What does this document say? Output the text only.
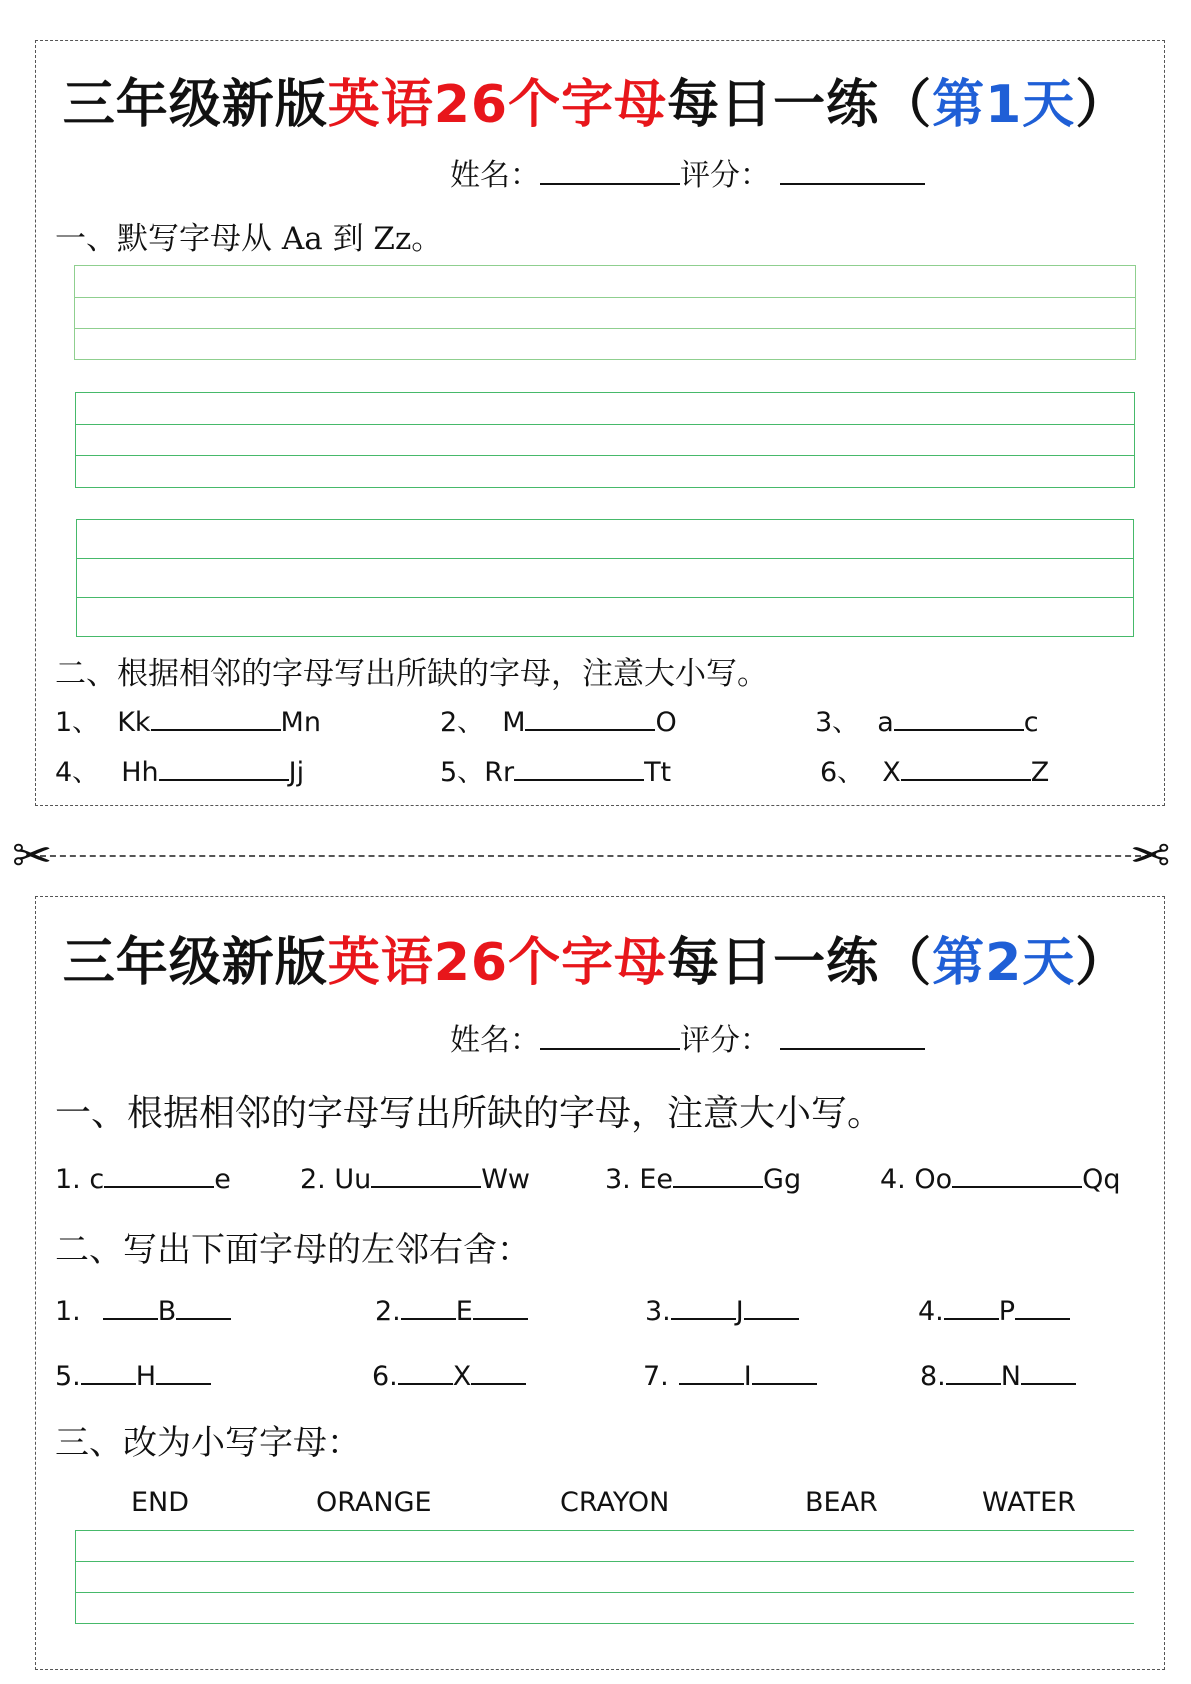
三年级新版英语26个字母每日一练（第1天）
姓名：	评分：
一、默写字母从 Aa 到 Zz。
二、根据相邻的字母写出所缺的字母，注意大小写。
1、 Kk	Mn	2、 M	O	3、 a	c
4、 Hh	Jj	5、Rr	Tt	6、 X	Z
✂	✂
三年级新版英语26个字母每日一练（第2天）
姓名：	评分：
一、根据相邻的字母写出所缺的字母，注意大小写。
1. c	e	2. Uu	Ww	3. Ee	Gg	4. Oo	Qq
二、写出下面字母的左邻右舍：
1.	B	2. E	3. J	4. P
5. H	6. X	7.	I	8. N
三、改为小写字母：
END	ORANGE	CRAYON	BEAR	WATER
